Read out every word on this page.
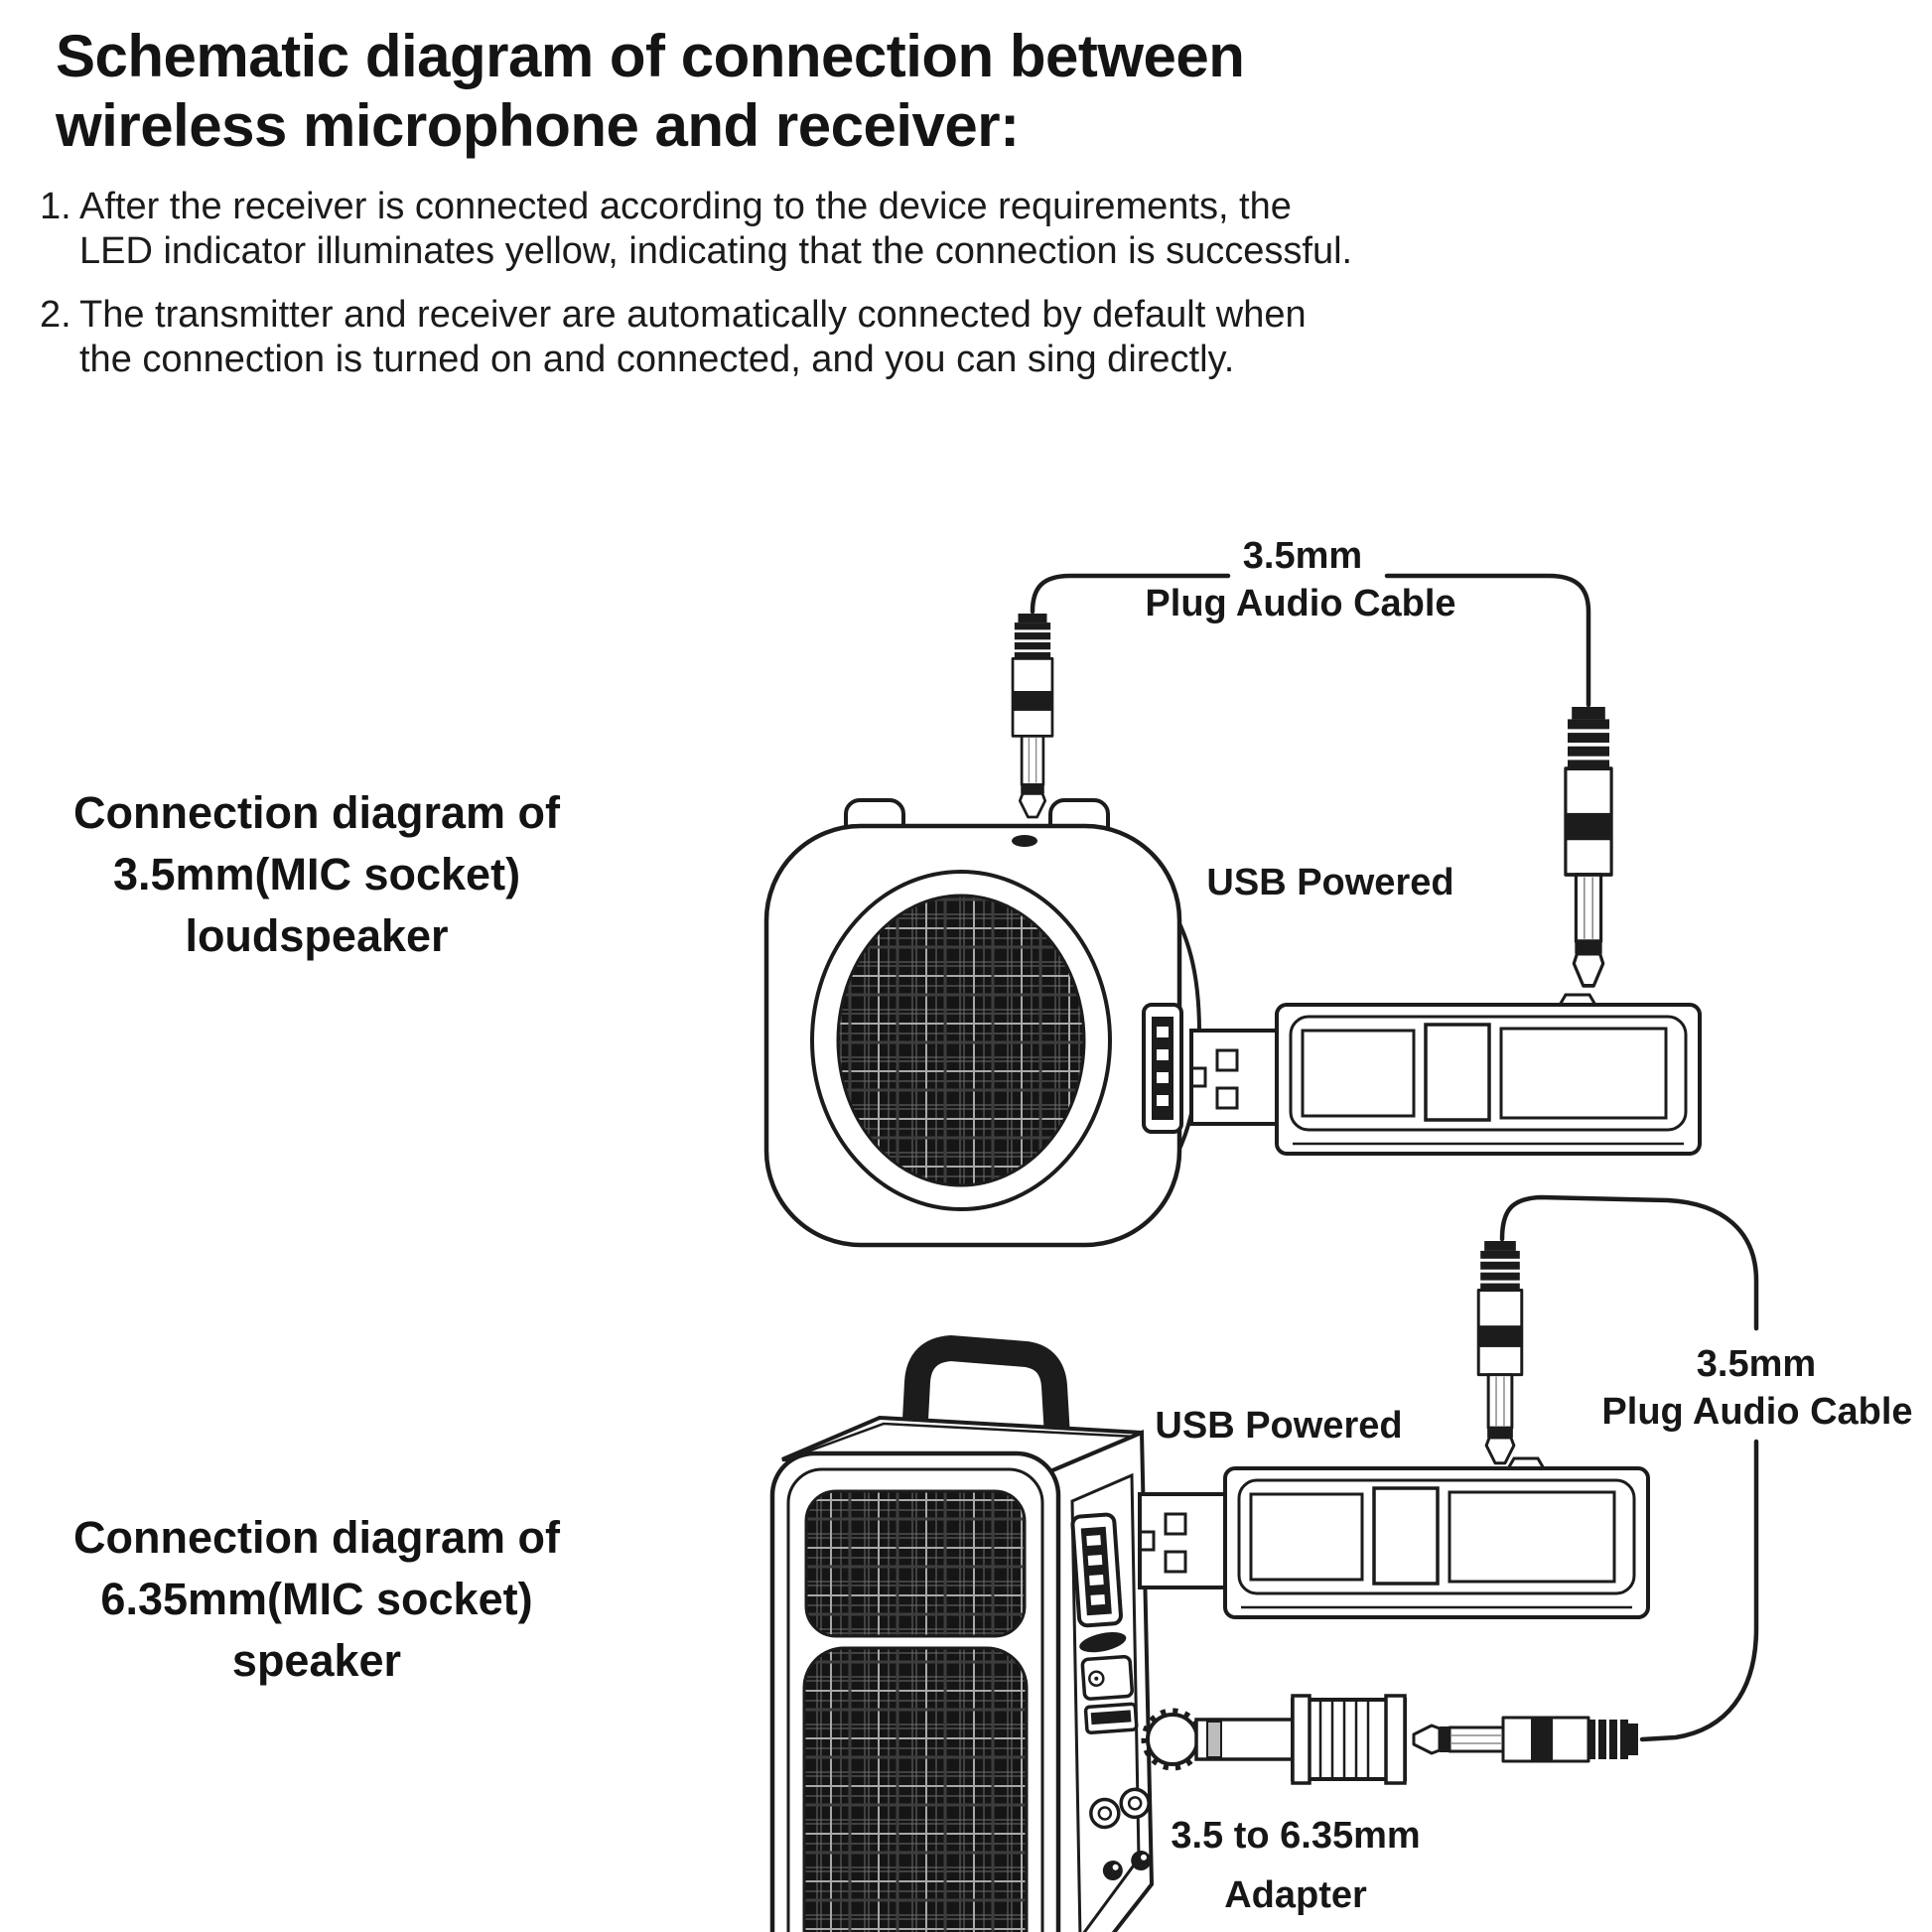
Schematic diagram of connection between
wireless microphone and receiver:
1. After the receiver is connected according to the device requirements, the
LED indicator illuminates yellow, indicating that the connection is successful.
2. The transmitter and receiver are automatically connected by default when
the connection is turned on and connected, and you can sing directly.
Connection diagram of
3.5mm(MIC socket)
loudspeaker
Connection diagram of
6.35mm(MIC socket)
speaker
3.5mm
Plug Audio Cable
USB Powered
3.5mm
Plug Audio Cable
USB Powered
3.5 to 6.35mm
Adapter
